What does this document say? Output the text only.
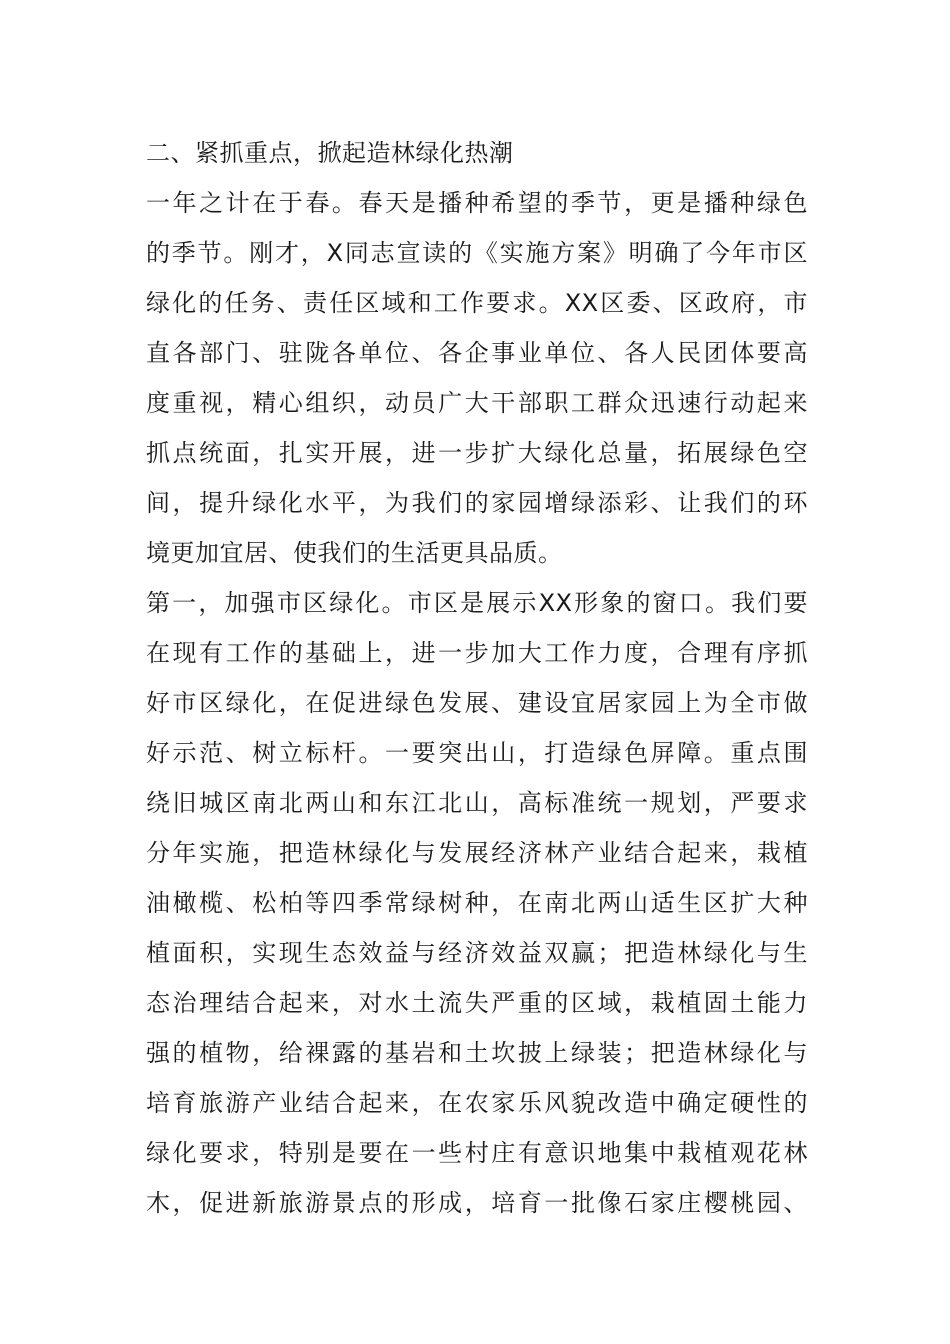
二、紧抓重点，掀起造林绿化热潮
一年之计在于春。春天是播种希望的季节，更是播种绿色
的季节。刚才，X同志宣读的《实施方案》明确了今年市区
绿化的任务、责任区域和工作要求。XX区委、区政府，市
直各部门、驻陇各单位、各企事业单位、各人民团体要高
度重视，精心组织，动员广大干部职工群众迅速行动起来
抓点统面，扎实开展，进一步扩大绿化总量，拓展绿色空
间，提升绿化水平，为我们的家园增绿添彩、让我们的环
境更加宜居、使我们的生活更具品质。
第一，加强市区绿化。市区是展示XX形象的窗口。我们要
在现有工作的基础上，进一步加大工作力度，合理有序抓
好市区绿化，在促进绿色发展、建设宜居家园上为全市做
好示范、树立标杆。一要突出山，打造绿色屏障。重点围
绕旧城区南北两山和东江北山，高标准统一规划，严要求
分年实施，把造林绿化与发展经济林产业结合起来，栽植
油橄榄、松柏等四季常绿树种，在南北两山适生区扩大种
植面积，实现生态效益与经济效益双赢；把造林绿化与生
态治理结合起来，对水土流失严重的区域，栽植固土能力
强的植物，给裸露的基岩和土坎披上绿装；把造林绿化与
培育旅游产业结合起来，在农家乐风貌改造中确定硬性的
绿化要求，特别是要在一些村庄有意识地集中栽植观花林
木，促进新旅游景点的形成，培育一批像石家庄樱桃园、
